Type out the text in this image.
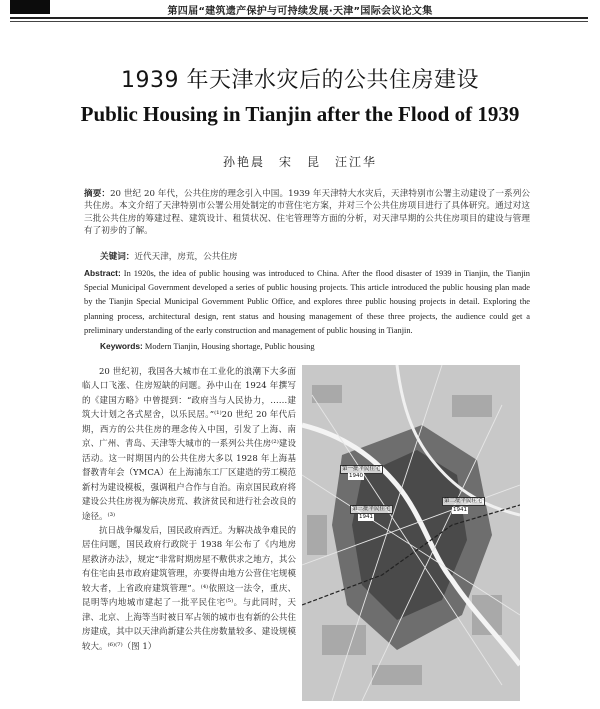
第四届“建筑遗产保护与可持续发展·天津”国际会议论文集
1939 年天津水灾后的公共住房建设
Public Housing in Tianjin after the Flood of 1939
孙艳晨　宋　昆　汪江华
摘要：20 世纪 20 年代，公共住房的理念引入中国。1939 年天津特大水灾后，天津特别市公署主动建设了一系列公共住房。本文介绍了天津特别市公署公用处制定的市营住宅方案，并对三个公共住房项目进行了具体研究。通过对这三批公共住房的筹建过程、建筑设计、租赁状况、住宅管理等方面的分析，对天津早期的公共住房项目的建设与管理有了初步的了解。
关键词：近代天津，房荒，公共住房
Abstract: In 1920s, the idea of public housing was introduced to China. After the flood disaster of 1939 in Tianjin, the Tianjin Special Municipal Government developed a series of public housing projects. This article introduced the public housing plan made by the Tianjin Special Municipal Government Public Office, and explores three public housing projects in detail. Exploring the planning process, architectural design, rent status and housing management of these three projects, the audience could get a preliminary understanding of the early construction and management of public housing in Tianjin.
Keywords: Modern Tianjin, Housing shortage, Public housing

20 世纪初，我国各大城市在工业化的浪潮下大多面临人口飞涨、住房短缺的问题。孙中山在 1924 年撰写的《建国方略》中曾提到：“政府当与人民协力，……建筑大计划之各式屋舍，以乐民居。”⁽¹⁾20 世纪 20 年代后期，西方的公共住房的理念传入中国，引发了上海、南京、广州、青岛、天津等大城市的一系列公共住房⁽²⁾建设活动。这一时期国内的公共住房大多以 1928 年上海基督教青年会（YMCA）在上海浦东工厂区建造的劳工模范新村为建设模板，强调租户合作与自治。南京国民政府将建设公共住房视为解决房荒、救济贫民和进行社会改良的途径。⁽³⁾

抗日战争爆发后，国民政府西迁。为解决战争难民的居住问题，国民政府行政院于 1938 年公布了《内地房屋救济办法》，规定“非常时期房屋不敷供求之地方，其公有住宅由县市政府建筑管理，亦要得由地方公营住宅规模较大者，上省政府建筑管理”。⁽⁴⁾依照这一法令，重庆、昆明等内地城市建起了一批平民住宅⁽⁵⁾。与此同时，天津、北京、上海等当时被日军占领的城市也有新的公共住房建成，其中以天津尚新建公共住房数量较多、建设规模较大。⁽⁶⁾⁽⁷⁾（图 1）

第一批平民住宅
1940
第二批平民住宅
1941
第三批平民住宅
1941
